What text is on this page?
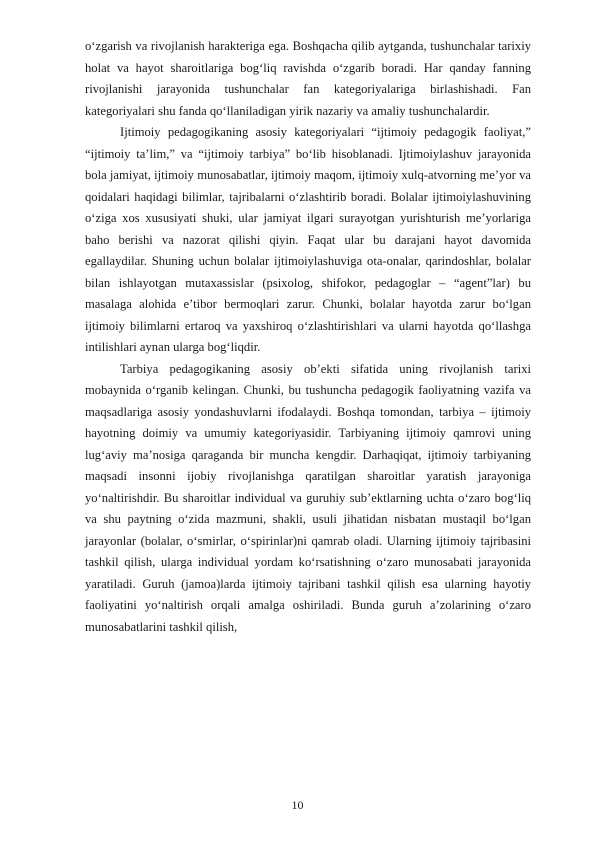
o‘zgarish va rivojlanish harakteriga ega. Boshqacha qilib aytganda, tushunchalar tarixiy holat va hayot sharoitlariga bog‘liq ravishda o‘zgarib boradi. Har qanday fanning rivojlanishi jarayonida tushunchalar fan kategoriyalariga birlashishadi. Fan kategoriyalari shu fanda qo‘llaniladigan yirik nazariy va amaliy tushunchalardir.

Ijtimoiy pedagogikaning asosiy kategoriyalari “ijtimoiy pedagogik faoliyat,” “ijtimoiy ta’lim,” va “ijtimoiy tarbiya” bo‘lib hisoblanadi. Ijtimoiylashuv jarayonida bola jamiyat, ijtimoiy munosabatlar, ijtimoiy maqom, ijtimoiy xulq-atvorning me’yor va qoidalari haqidagi bilimlar, tajribalarni o‘zlashtirib boradi. Bolalar ijtimoiylashuvining o‘ziga xos xususiyati shuki, ular jamiyat ilgari surayotgan yurishturish me’yorlariga baho berishi va nazorat qilishi qiyin. Faqat ular bu darajani hayot davomida egallaydilar. Shuning uchun bolalar ijtimoiylashuviga ota-onalar, qarindoshlar, bolalar bilan ishlayotgan mutaxassislar (psixolog, shifokor, pedagoglar – “agent”lar) bu masalaga alohida e’tibor bermoqlari zarur. Chunki, bolalar hayotda zarur bo‘lgan ijtimoiy bilimlarni ertaroq va yaxshiroq o‘zlashtirishlari va ularni hayotda qo‘llashga intilishlari aynan ularga bog‘liqdir.

Tarbiya pedagogikaning asosiy ob’ekti sifatida uning rivojlanish tarixi mobaynida o‘rganib kelingan. Chunki, bu tushuncha pedagogik faoliyatning vazifa va maqsadlariga asosiy yondashuvlarni ifodalaydi. Boshqa tomondan, tarbiya – ijtimoiy hayotning doimiy va umumiy kategoriyasidir. Tarbiyaning ijtimoiy qamrovi uning lug‘aviy ma’nosiga qaraganda bir muncha kengdir. Darhaqiqat, ijtimoiy tarbiyaning maqsadi insonni ijobiy rivojlanishga qaratilgan sharoitlar yaratish jarayoniga yo‘naltirishdir. Bu sharoitlar individual va guruhiy sub’ektlarning uchta o‘zaro bog‘liq va shu paytning o‘zida mazmuni, shakli, usuli jihatidan nisbatan mustaqil bo‘lgan jarayonlar (bolalar, o‘smirlar, o‘spirinlar)ni qamrab oladi. Ularning ijtimoiy tajribasini tashkil qilish, ularga individual yordam ko‘rsatishning o‘zaro munosabati jarayonida yaratiladi. Guruh (jamoa)larda ijtimoiy tajribani tashkil qilish esa ularning hayotiy faoliyatini yo‘naltirish orqali amalga oshiriladi. Bunda guruh a’zolarining o‘zaro munosabatlarini tashkil qilish,

10
